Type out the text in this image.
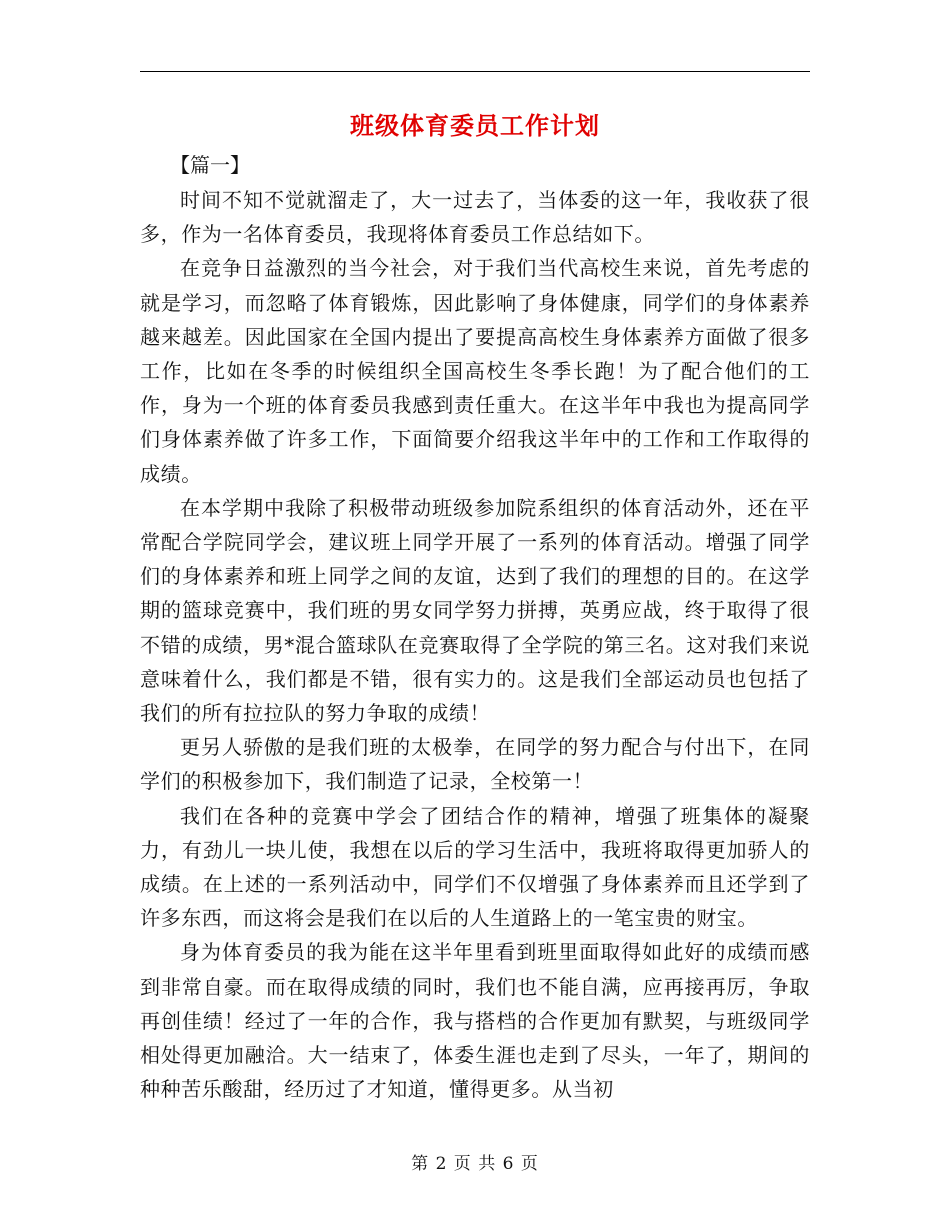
班级体育委员工作计划
【篇一】

时间不知不觉就溜走了，大一过去了，当体委的这一年，我收获了很多，作为一名体育委员，我现将体育委员工作总结如下。

在竞争日益激烈的当今社会，对于我们当代高校生来说，首先考虑的就是学习，而忽略了体育锻炼，因此影响了身体健康，同学们的身体素养越来越差。因此国家在全国内提出了要提高高校生身体素养方面做了很多工作，比如在冬季的时候组织全国高校生冬季长跑！为了配合他们的工作，身为一个班的体育委员我感到责任重大。在这半年中我也为提高同学们身体素养做了许多工作，下面简要介绍我这半年中的工作和工作取得的成绩。

在本学期中我除了积极带动班级参加院系组织的体育活动外，还在平常配合学院同学会，建议班上同学开展了一系列的体育活动。增强了同学们的身体素养和班上同学之间的友谊，达到了我们的理想的目的。在这学期的篮球竞赛中，我们班的男女同学努力拼搏，英勇应战，终于取得了很不错的成绩，男*混合篮球队在竞赛取得了全学院的第三名。这对我们来说意味着什么，我们都是不错，很有实力的。这是我们全部运动员也包括了我们的所有拉拉队的努力争取的成绩！

更另人骄傲的是我们班的太极拳，在同学的努力配合与付出下，在同学们的积极参加下，我们制造了记录，全校第一！

我们在各种的竞赛中学会了团结合作的精神，增强了班集体的凝聚力，有劲儿一块儿使，我想在以后的学习生活中，我班将取得更加骄人的成绩。在上述的一系列活动中，同学们不仅增强了身体素养而且还学到了许多东西，而这将会是我们在以后的人生道路上的一笔宝贵的财宝。

身为体育委员的我为能在这半年里看到班里面取得如此好的成绩而感到非常自豪。而在取得成绩的同时，我们也不能自满，应再接再厉，争取再创佳绩！经过了一年的合作，我与搭档的合作更加有默契，与班级同学相处得更加融洽。大一结束了，体委生涯也走到了尽头，一年了，期间的种种苦乐酸甜，经历过了才知道，懂得更多。从当初

第 2 页 共 6 页
